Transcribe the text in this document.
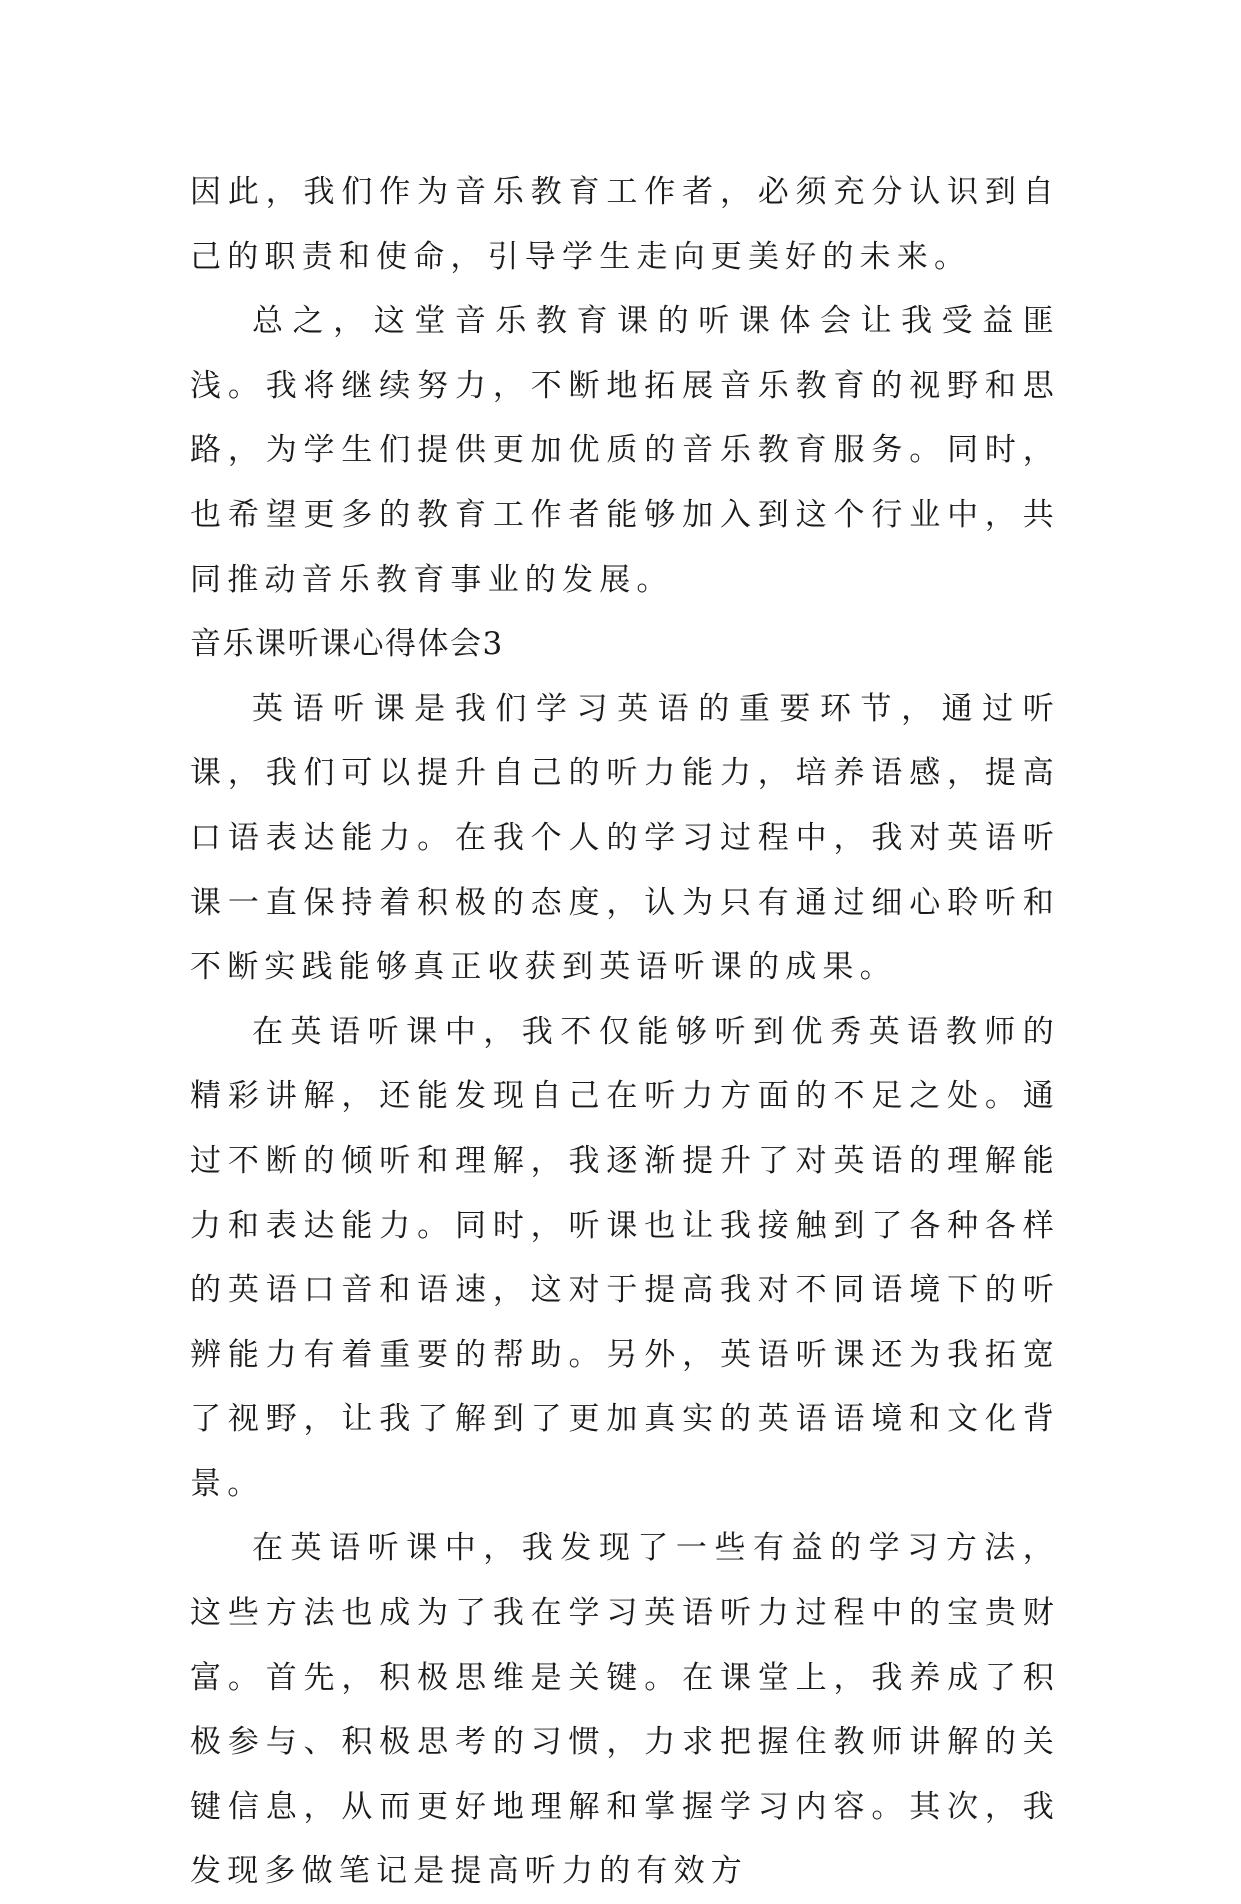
因此，我们作为音乐教育工作者，必须充分认识到自己的职责和使命，引导学生走向更美好的未来。

总之，这堂音乐教育课的听课体会让我受益匪浅。我将继续努力，不断地拓展音乐教育的视野和思路，为学生们提供更加优质的音乐教育服务。同时，也希望更多的教育工作者能够加入到这个行业中，共同推动音乐教育事业的发展。

音乐课听课心得体会3

英语听课是我们学习英语的重要环节，通过听课，我们可以提升自己的听力能力，培养语感，提高口语表达能力。在我个人的学习过程中，我对英语听课一直保持着积极的态度，认为只有通过细心聆听和不断实践能够真正收获到英语听课的成果。

在英语听课中，我不仅能够听到优秀英语教师的精彩讲解，还能发现自己在听力方面的不足之处。通过不断的倾听和理解，我逐渐提升了对英语的理解能力和表达能力。同时，听课也让我接触到了各种各样的英语口音和语速，这对于提高我对不同语境下的听辨能力有着重要的帮助。另外，英语听课还为我拓宽了视野，让我了解到了更加真实的英语语境和文化背景。

在英语听课中，我发现了一些有益的学习方法，这些方法也成为了我在学习英语听力过程中的宝贵财富。首先，积极思维是关键。在课堂上，我养成了积极参与、积极思考的习惯，力求把握住教师讲解的关键信息，从而更好地理解和掌握学习内容。其次，我发现多做笔记是提高听力的有效方
